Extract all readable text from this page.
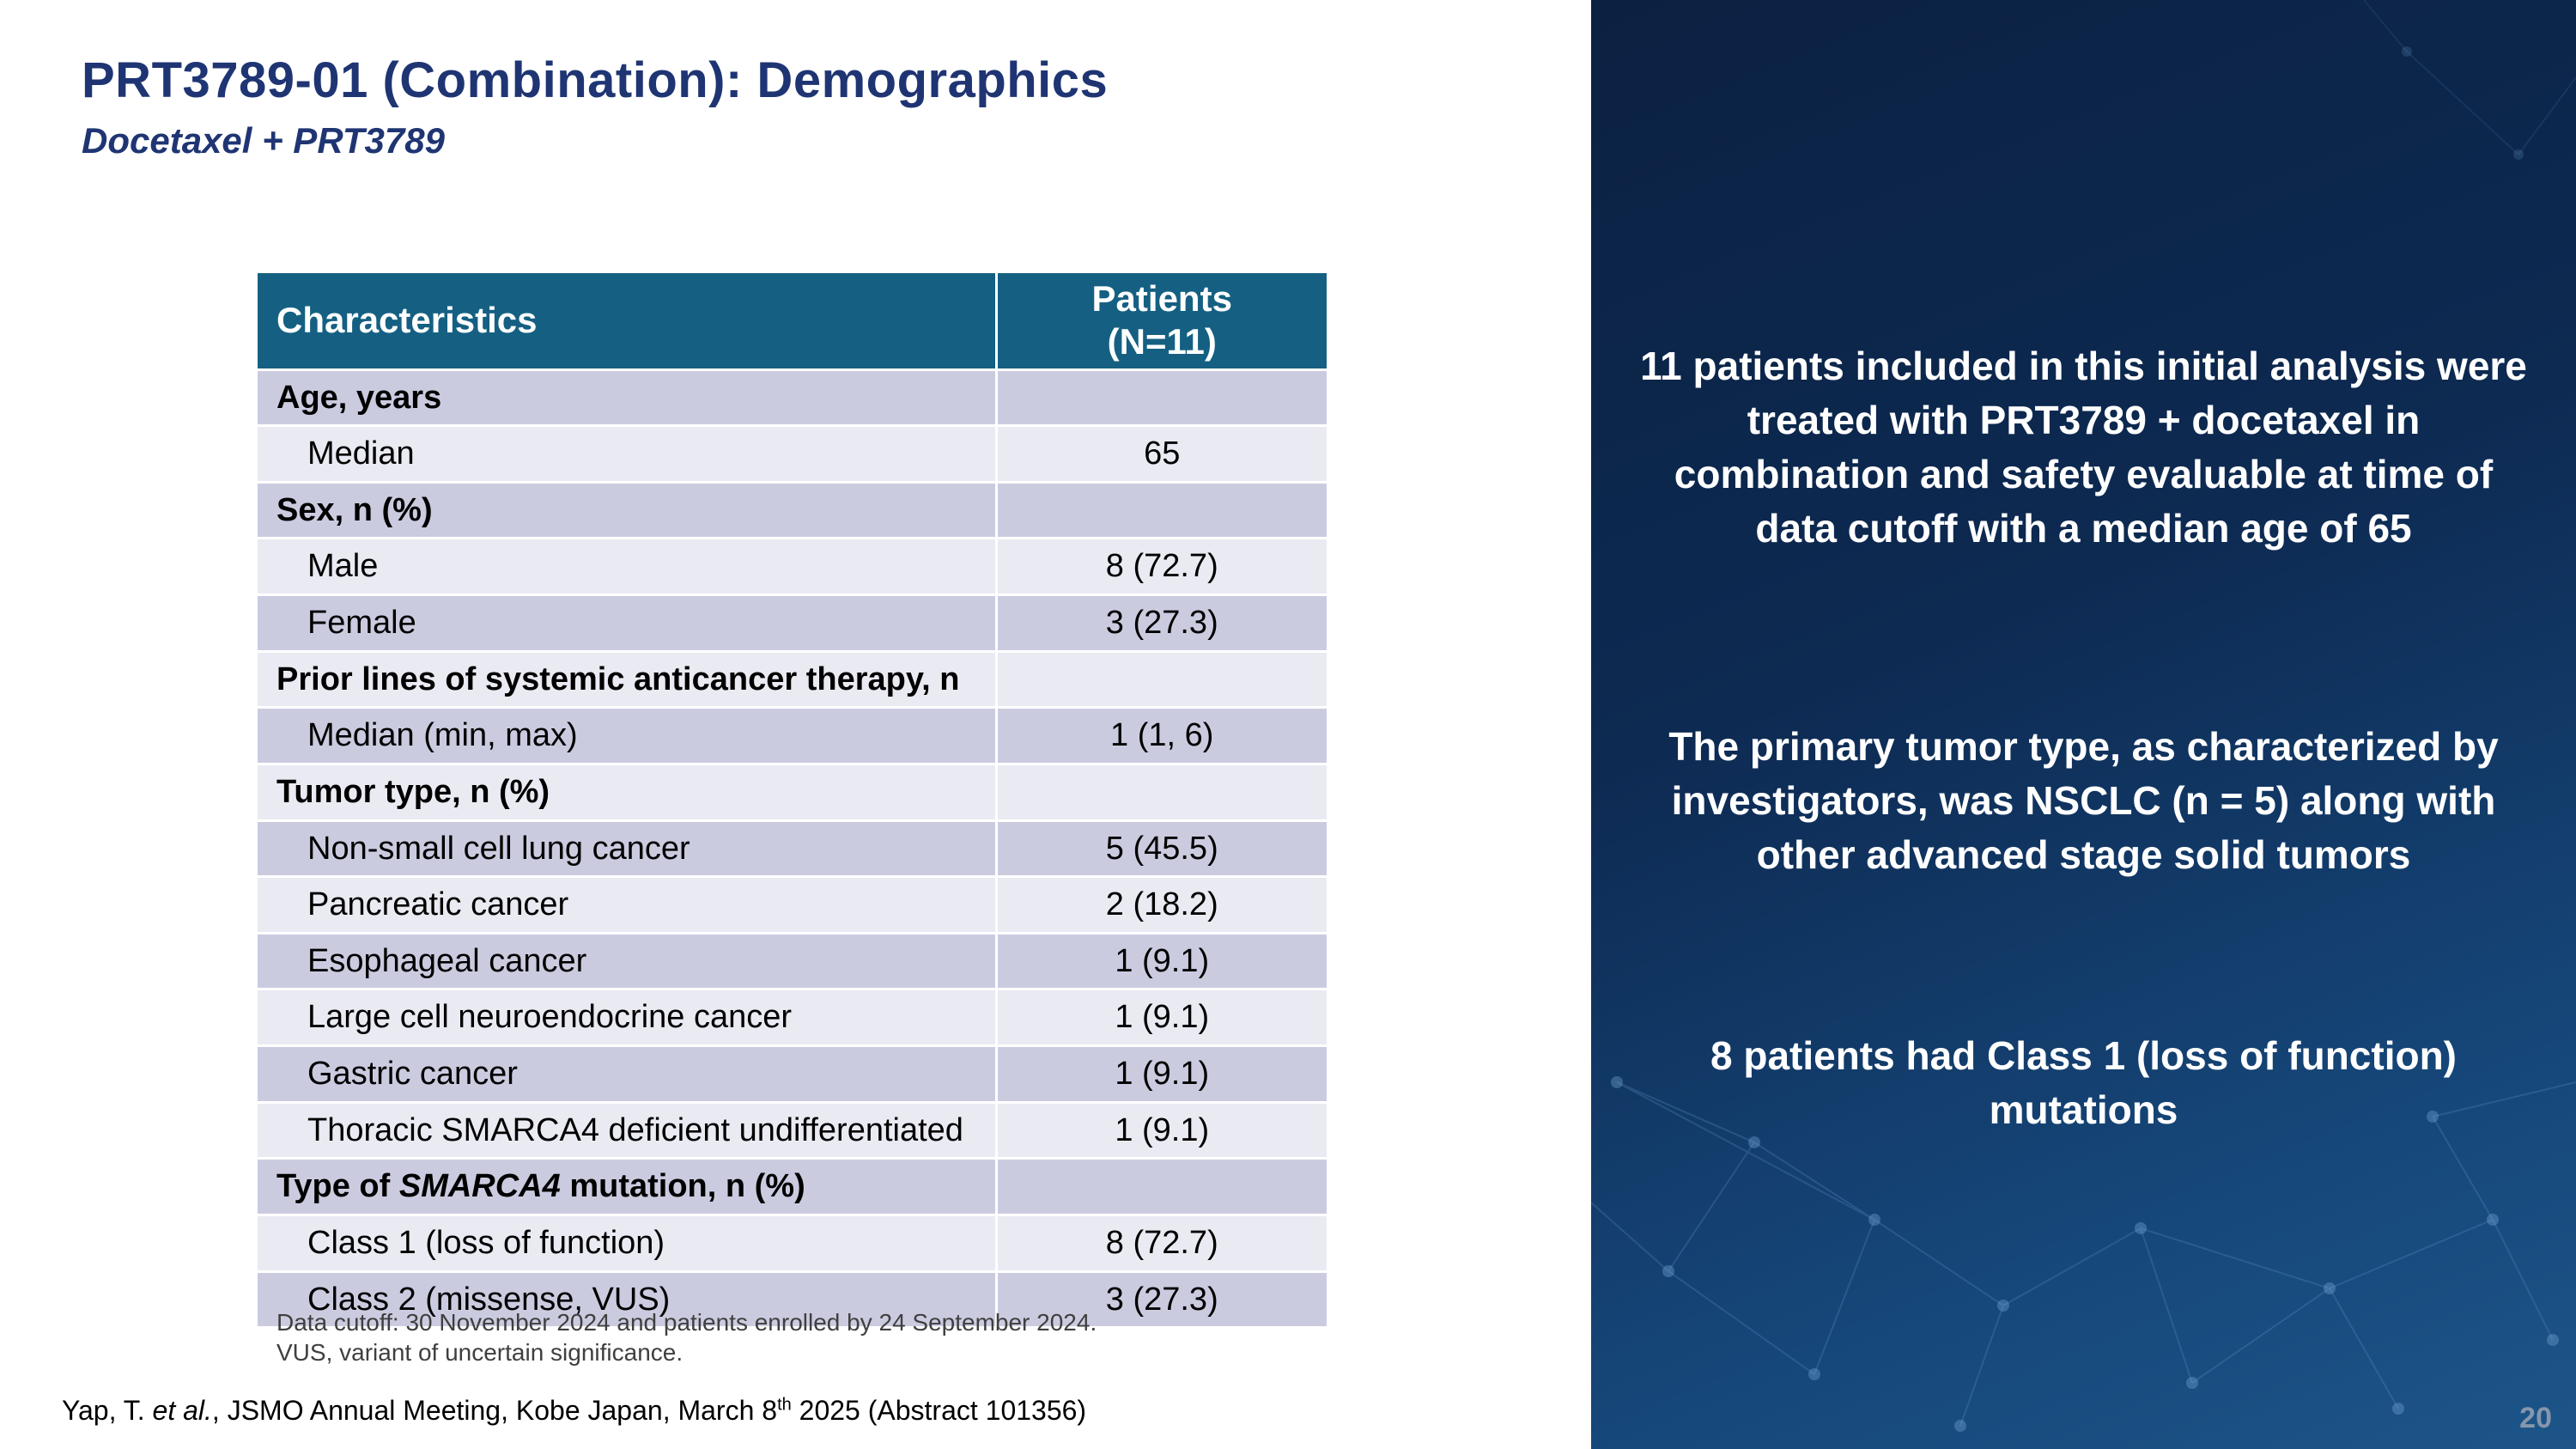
PRT3789-01 (Combination): Demographics
Docetaxel + PRT3789
Characteristics	Patients
(N=11)
Age, years	
Median	65
Sex, n (%)	
Male	8 (72.7)
Female	3 (27.3)
Prior lines of systemic anticancer therapy, n	
Median (min, max)	1 (1, 6)
Tumor type, n (%)	
Non-small cell lung cancer	5 (45.5)
Pancreatic cancer	2 (18.2)
Esophageal cancer	1 (9.1)
Large cell neuroendocrine cancer	1 (9.1)
Gastric cancer	1 (9.1)
Thoracic SMARCA4 deficient undifferentiated	1 (9.1)
Type of SMARCA4 mutation, n (%)	
Class 1 (loss of function)	8 (72.7)
Class 2 (missense, VUS)	3 (27.3)
Data cutoff: 30 November 2024 and patients enrolled by 24 September 2024.
VUS, variant of uncertain significance.
Yap, T. et al., JSMO Annual Meeting, Kobe Japan, March 8th 2025 (Abstract 101356)
11 patients included in this initial analysis were treated with PRT3789 + docetaxel in combination and safety evaluable at time of data cutoff with a median age of 65
The primary tumor type, as characterized by investigators, was NSCLC (n = 5) along with other advanced stage solid tumors
8 patients had Class 1 (loss of function) mutations
20
